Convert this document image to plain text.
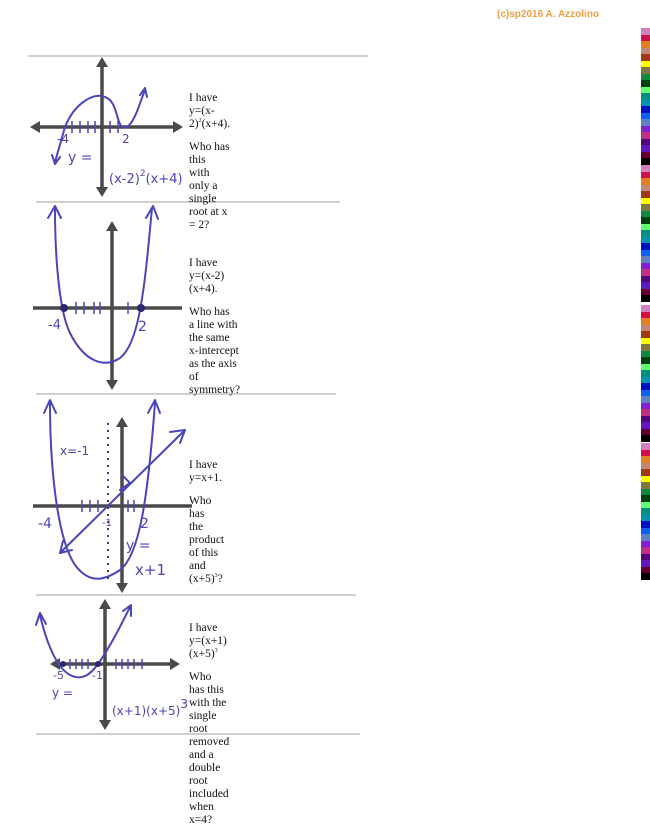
(c)sp2016 A. Azzolino
-4	2
y =
$(x-2)^2(x+4)$

I have

$y=(x-2)^2(x+4)$.

Who has this

with only a single root at x = 2?

-4	2

I have

y=(x-2)(x+4).

Who has

a line with the same x-intercept

as the axis of symmetry?

x=-1
-4	-1 2
y =
x+1

I have

y=x+1.

Who has

the product of this and $(x+5)^3$?

-5	-1
y =
(x+1)(x+5)3

I have

$y=(x+1)(x+5)^3$

Who has this

with the single root removed and a

double root included when x=4?
